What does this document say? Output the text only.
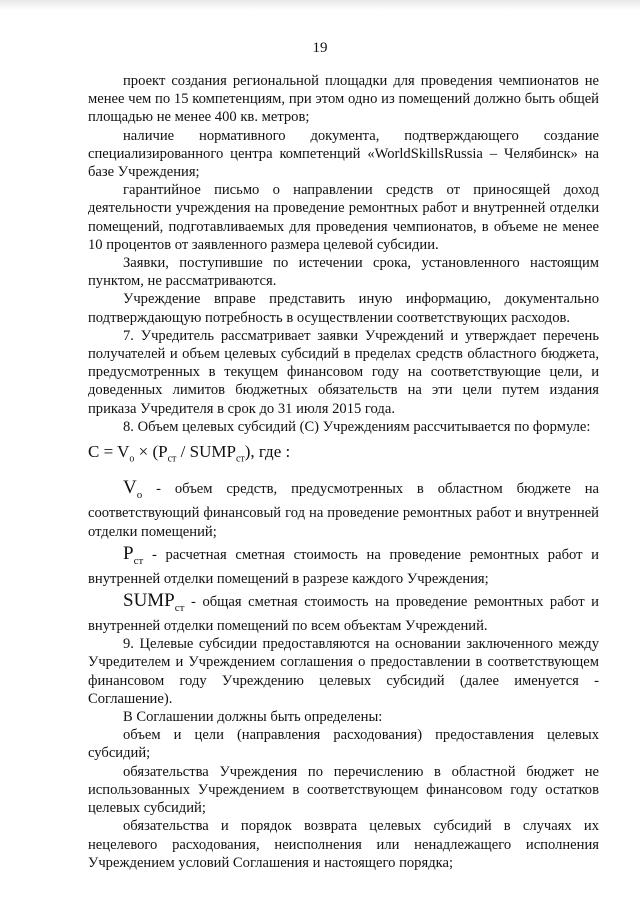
19

проект создания региональной площадки для проведения чемпионатов не менее чем по 15 компетенциям, при этом одно из помещений должно быть общей площадью не менее 400 кв. метров;

наличие нормативного документа, подтверждающего создание специализированного центра компетенций «WorldSkillsRussia – Челябинск» на базе Учреждения;

гарантийное письмо о направлении средств от приносящей доход деятельности учреждения на проведение ремонтных работ и внутренней отделки помещений, подготавливаемых для проведения чемпионатов, в объеме не менее 10 процентов от заявленного размера целевой субсидии.

Заявки, поступившие по истечении срока, установленного настоящим пунктом, не рассматриваются.

Учреждение вправе представить иную информацию, документально подтверждающую потребность в осуществлении соответствующих расходов.

7. Учредитель рассматривает заявки Учреждений и утверждает перечень получателей и объем целевых субсидий в пределах средств областного бюджета, предусмотренных в текущем финансовом году на соответствующие цели, и доведенных лимитов бюджетных обязательств на эти цели путем издания приказа Учредителя в срок до 31 июля 2015 года.

8. Объем целевых субсидий (С) Учреждениям рассчитывается по формуле:

$C = V_o \times (P_{ст}$ / $SUMP_{ст}$), где :

$V_o$ - объем средств, предусмотренных в областном бюджете на соответствующий финансовый год на проведение ремонтных работ и внутренней отделки помещений;

$P_{ст}$ - расчетная сметная стоимость на проведение ремонтных работ и внутренней отделки помещений в разрезе каждого Учреждения;

$SUMP_{ст}$ - общая сметная стоимость на проведение ремонтных работ и внутренней отделки помещений по всем объектам Учреждений.

9. Целевые субсидии предоставляются на основании заключенного между Учредителем и Учреждением соглашения о предоставлении в соответствующем финансовом году Учреждению целевых субсидий (далее именуется - Соглашение).

В Соглашении должны быть определены:

объем и цели (направления расходования) предоставления целевых субсидий;

обязательства Учреждения по перечислению в областной бюджет не использованных Учреждением в соответствующем финансовом году остатков целевых субсидий;

обязательства и порядок возврата целевых субсидий в случаях их нецелевого расходования, неисполнения или ненадлежащего исполнения Учреждением условий Соглашения и настоящего порядка;
